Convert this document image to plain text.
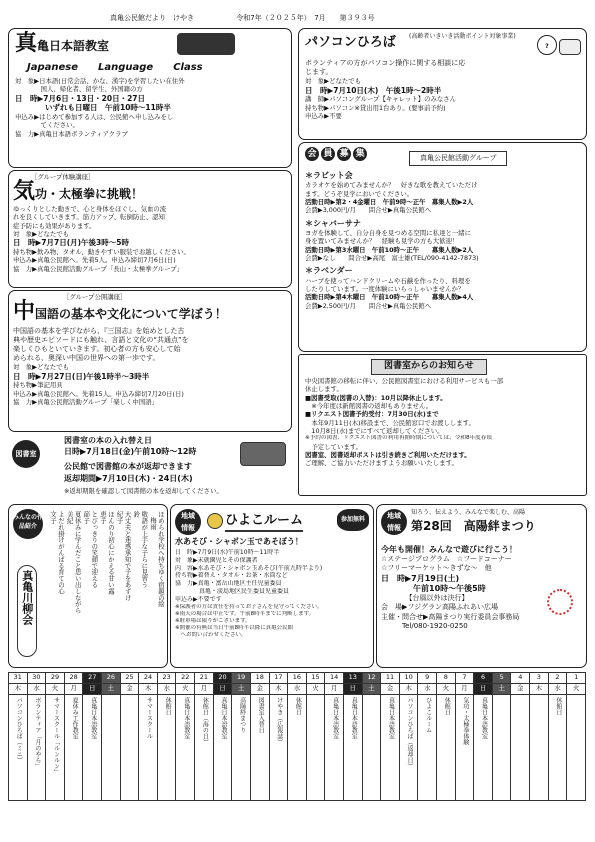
真亀公民館だより　けやき	令和7年（２０２５年）　7月　　第３９３号
真亀日本語教室
Japanese　　Language　　Class
対　象▶日本語(日常会話、かな、漢字)を学習したい在住外
　　　　国人、帰化者、留学生、外国籍の方
日　時▶7月6日・13日・20日・27日
　　　　いずれも日曜日　午前10時～11時半
申込み▶はじめて参加する人は、公民館へ申し込みをし
　　　　てください。
協　力▶真亀日本語ボランティアクラブ
［グループ体験講座］
気功・太極拳に挑戦！
ゆっくりとした動きで、心と身体をほぐし、気血の流
れを良くしていきます。筋力アップ、転倒防止、認知
症予防にも効果があります。
対　象▶どなたでも
日　時▶7月7日(月)午後3時～5時
持ち物▶飲み物、タオル、動きやすい服装でお越しください。
申込み▶真亀公民館へ。先着5人。申込み締切7月6日(日)
協　力▶真亀公民館活動グループ「長山・太極拳グループ」
［グループ公開講座］
中国語の基本や文化について学ぼう！
中国語の基本を学びながら、『三国志』を始めとした古
典や歴史エピソードにも触れ、言語と文化の“共通点”を
楽しくひもといていきます。初心者の方も安心して始
められる、奥深い中国の世界への第一歩です。
対　象▶どなたでも
日　時▶7月27日(日)午後1時半～3時半
持ち物▶筆記用具
申込み▶真亀公民館へ。先着15人。申込み締切7月20日(日)
協　力▶真亀公民館活動グループ「楽しく中国語」
図書室
図書室の本の入れ替え日
日時▶7月18日(金)午前10時～12時
公民館で図書館の本が返却できます
返却期間▶7月10日(木)・24日(木)
※返却期限を確認して図書館の本を返却してください。
パソコンひろば (高齢者いきいき活動ポイント対象事業)
?
ボランティアの方がパソコン操作に関する相談に応
じます。
対　象▶どなたでも
日　時▶7月10日(木)　午後1時～2時半
講　師▶パソコングループ【キャレット】のみなさん
持ち物▶パソコン※貸出用1台あり。(要事前予約)
申込み▶不要
会 員 募 集	真亀公民館活動グループ
＊ラビット会
カラオケを始めてみませんか？　好きな歌を教えていただけ
ます。どうぞ見学においでください。
活動日時▶第2・4金曜日　午前9時～正午　募集人数▶2人
会費▶3,000円/月　　問合せ▶真亀公民館へ
＊シャバーサナ
ヨガを体験して、自分自身を見つめる空間に私達と一緒に
身を置いてみませんか？　経験も見学の方も大歓迎！
活動日時▶第3水曜日　午前10時～正午　　募集人数▶2人
会費▶なし　　問合せ▶高尾　富士雄(TEL/090-4142-7873)
＊ラベンダー
ハーブを使ってハンドクリームや石鹸を作ったり、料理を
したりしています。一度体験にいらっしゃいませんか？
活動日時▶第4木曜日　午前10時～正午　　募集人数▶4人
会費▶2,500円/月　　問合せ▶真亀公民館へ
図書室からのお知らせ
中央図書館の移転に伴い、公民館図書室における利用サービスも一部
休止します。
■図書受取(図書の入替)：10月以降休止します。
　※今年度は新館図書の返却もありません。
■リクエスト図書予約受付：7月30日(水)まで
　本年9月11日(木)移設まで、公民館窓口でお渡しします。
　10月8日(水)までにすべて返却してください。
※予約の図書、リクエスト図書の利用再開時期については、令和8年度春頃
　予定しています。
図書室、図書返却ポストは引き続きご利用いただけます。
ご理解、ご協力いただけますようお願いいたします。
みんなの作品紹介
真亀川柳会	ほめられ学校へ持ちゆく宿題の絵
梅雨
敬語が上手な子らに見習う
鈴
大丈夫と迷惑承知で子をあずけ
紀子
ほんのり初心にかえる甘い露
恵子
とびっきりの笑顔で迎える
節子
夏休みに学んだこと思い出しながら
美紀
よだれ掛けがんばる育ての心
文子	地域
情報	ひよこルーム	参加無料
水あそび・シャボン玉であそぼう！
日　時▶7月9日(水)午前10時～11時半
対　象▶未就園児とその保護者
内　容▶水あそび・シャボン玉あそび(午前九時半より)
持ち物▶着替え・タオル・お茶・水筒など
協　力▶真亀・富岳山地区主任児童委員
　　　　真亀・淡島地区民生委員児童委員
申込み▶不要です
※保護者の方は責任を持ってお子さんを見守ってください。
※雨天の場合は中止です。午前8時半までに判断します。
※駐車場は限りがございます。
※開催の有無は当日午前8時半以降に真亀公民館
　へお問い合わせください。
地域
情報
知ろう、伝えよう、みんなで楽しむ、高陽
第28回　高陽絆まつり
今年も開催！みんなで遊びに行こう！
☆ステージプログラム　☆フードコーナー
☆フリーマーケット～きずな～　他
日　時▶7月19日(土)
　　　　午前10時～午後5時
　　　　【台風以外は決行】
会　場▶フジグラン高陽ふれあい広場
主催・問合せ▶高陽まつり実行委員会事務局
　　　Tel/080-1920-0250
31	30	29	28	27	26	25	24	23	22	21	20	19	18	17	16	15	14	13	12	11	10	9	8	7	6	5	4	3	2	1
木	水	火	月	日	土	金	木	水	火	月	日	土	金	木	水	火	月	日	土	金	木	水	火	月	日	土	金	木	水	火

パソコンひろば（ミニ）	ボランティア「月のやら」	サマースクール「ルンルン」	夏休み工作教室	真亀日本語教室			サマースクール	休館日	真亀日本語教室	休館日（海の日）	真亀日本語教室	高陽絆まつり	図書室入替日	けやき（広報誌）	休館日		真亀日本語教室	真亀日本語教室		真亀日本語教室	パソコンひろば（返却日）	ひよこルーム	休館日	気功・太極拳体験	真亀日本語教室				休館日	
